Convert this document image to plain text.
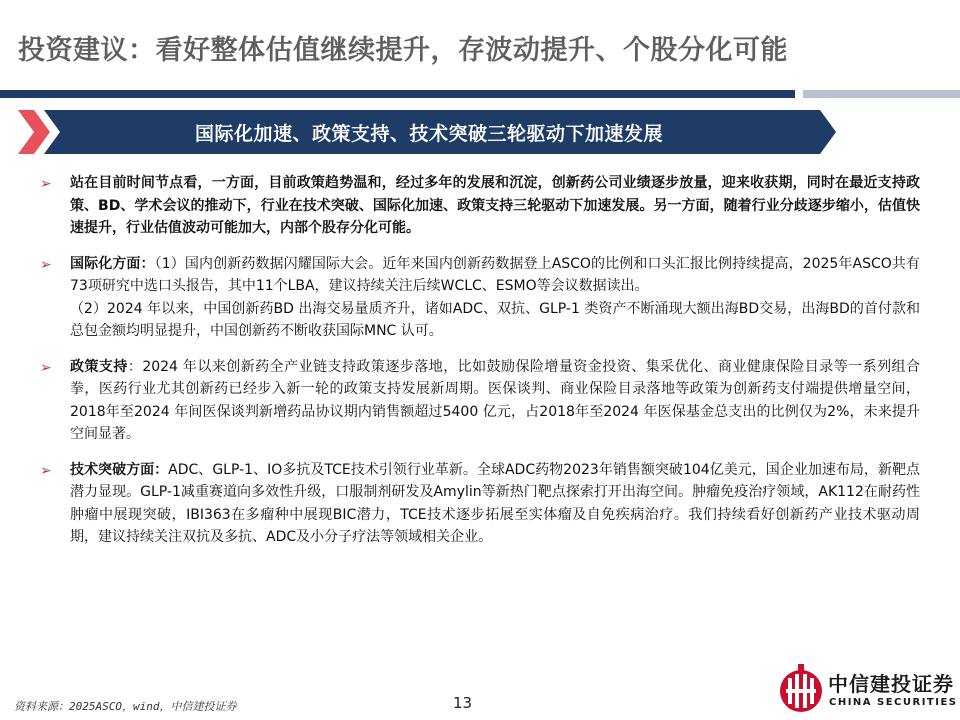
投资建议：看好整体估值继续提升，存波动提升、个股分化可能
国际化加速、政策支持、技术突破三轮驱动下加速发展
➢ 站在目前时间节点看，一方面，目前政策趋势温和，经过多年的发展和沉淀，创新药公司业绩逐步放量，迎来收获期，同时在最近支持政策、BD、学术会议的推动下，行业在技术突破、国际化加速、政策支持三轮驱动下加速发展。另一方面，随着行业分歧逐步缩小，估值快速提升，行业估值波动可能加大，内部个股存分化可能。
➢ 国际化方面：（1）国内创新药数据闪耀国际大会。近年来国内创新药数据登上ASCO的比例和口头汇报比例持续提高，2025年ASCO共有73项研究中选口头报告，其中11个LBA，建议持续关注后续WCLC、ESMO等会议数据读出。
（2）2024 年以来，中国创新药BD 出海交易量质齐升，诸如ADC、双抗、GLP-1 类资产不断涌现大额出海BD交易，出海BD的首付款和总包金额均明显提升，中国创新药不断收获国际MNC 认可。
➢ 政策支持：2024 年以来创新药全产业链支持政策逐步落地，比如鼓励保险增量资金投资、集采优化、商业健康保险目录等一系列组合拳，医药行业尤其创新药已经步入新一轮的政策支持发展新周期。医保谈判、商业保险目录落地等政策为创新药支付端提供增量空间，2018年至2024 年间医保谈判新增药品协议期内销售额超过5400 亿元，占2018年至2024 年医保基金总支出的比例仅为2%，未来提升空间显著。
➢ 技术突破方面：ADC、GLP-1、IO多抗及TCE技术引领行业革新。全球ADC药物2023年销售额突破104亿美元，国企业加速布局，新靶点潜力显现。GLP-1减重赛道向多效性升级，口服制剂研发及Amylin等新热门靶点探索打开出海空间。肿瘤免疫治疗领域，AK112在耐药性肿瘤中展现突破，IBI363在多瘤种中展现BIC潜力，TCE技术逐步拓展至实体瘤及自免疾病治疗。我们持续看好创新药产业技术驱动周期，建议持续关注双抗及多抗、ADC及小分子疗法等领域相关企业。
资料来源：2025ASCO，wind，中信建投证券	13
中信建投证券
CHINA SECURITIES
